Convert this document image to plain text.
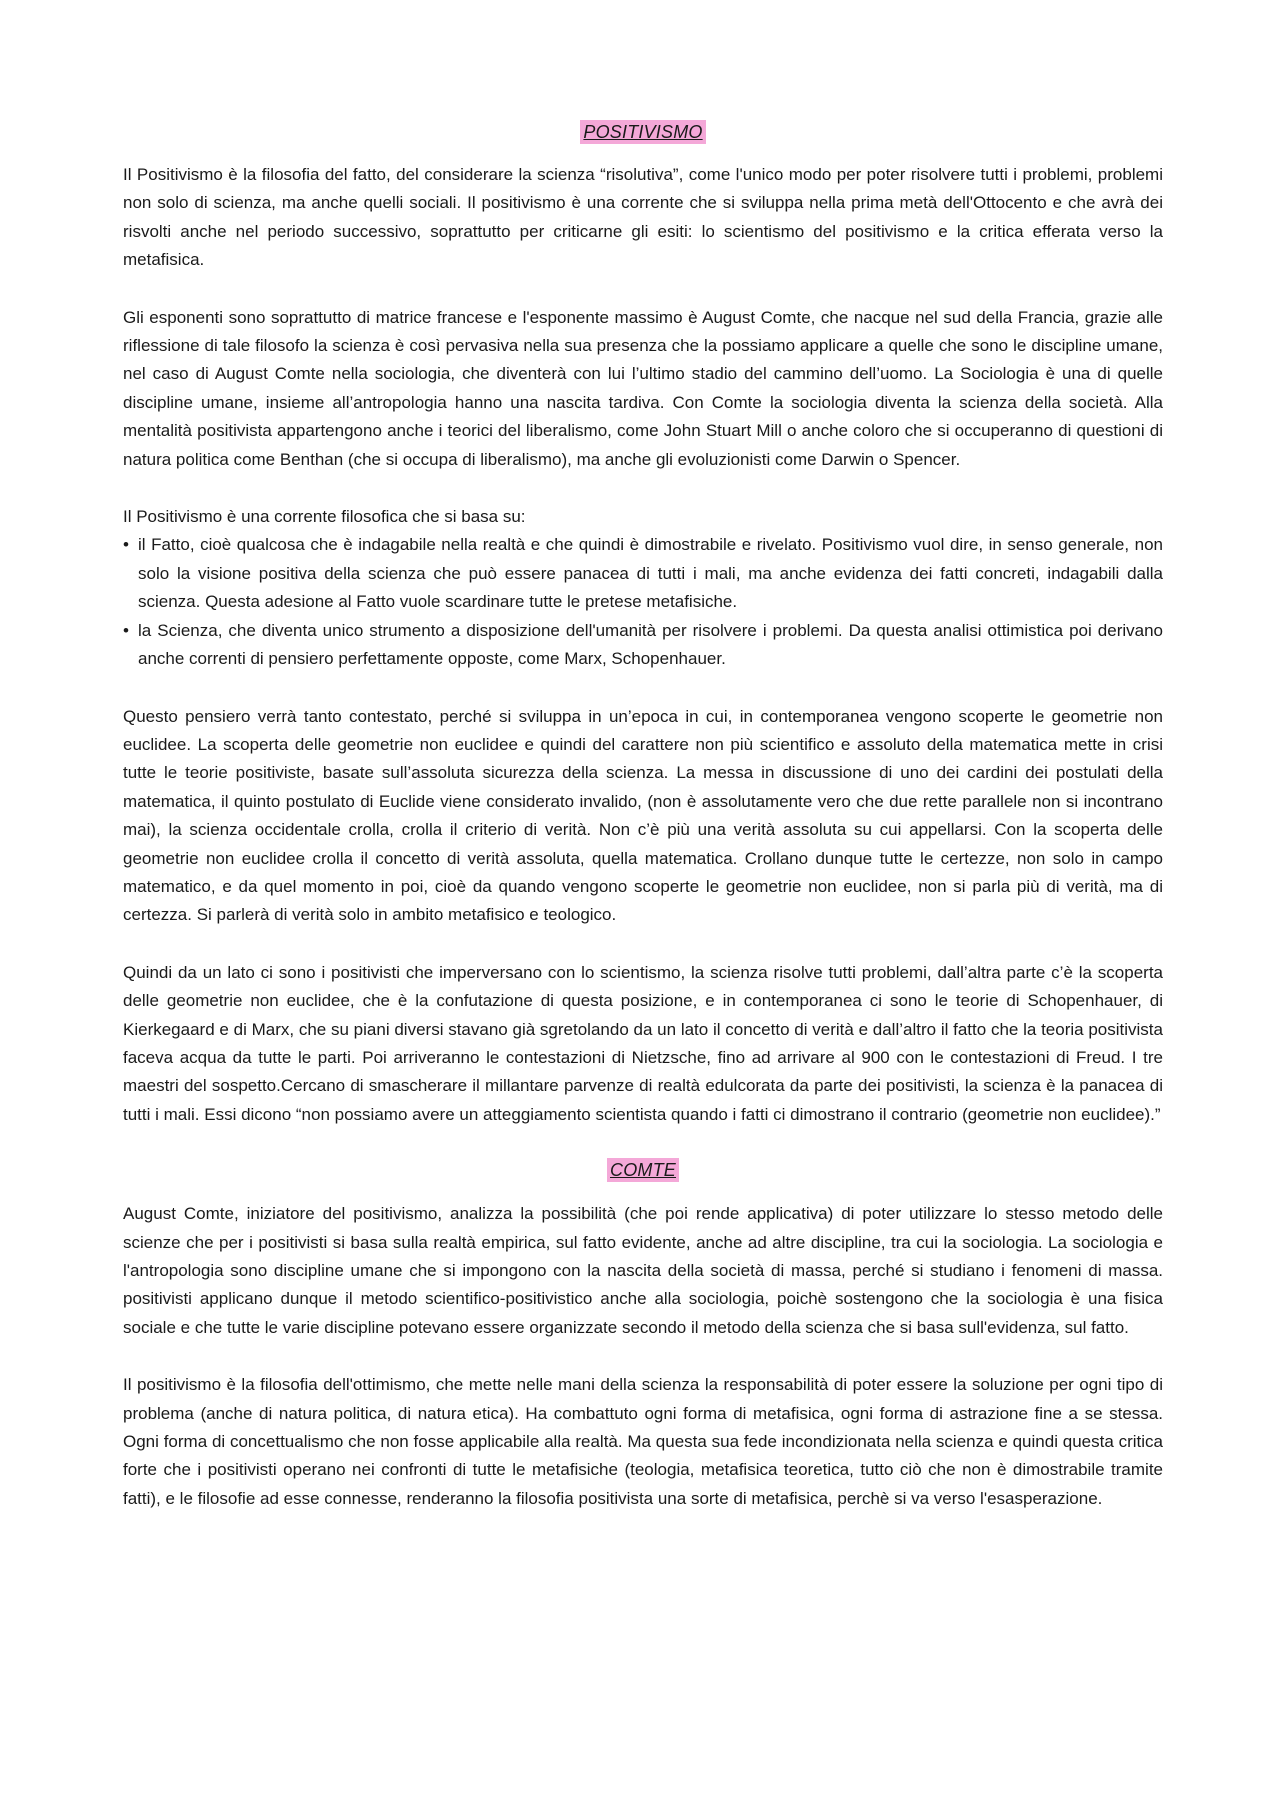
POSITIVISMO

Il Positivismo è la filosofia del fatto, del considerare la scienza “risolutiva”, come l'unico modo per poter risolvere tutti i problemi, problemi non solo di scienza, ma anche quelli sociali. Il positivismo è una corrente che si sviluppa nella prima metà dell'Ottocento e che avrà dei risvolti anche nel periodo successivo, soprattutto per criticarne gli esiti: lo scientismo del positivismo e la critica efferata verso la metafisica.

Gli esponenti sono soprattutto di matrice francese e l'esponente massimo è August Comte, che nacque nel sud della Francia, grazie alle riflessione di tale filosofo la scienza è così pervasiva nella sua presenza che la possiamo applicare a quelle che sono le discipline umane, nel caso di August Comte nella sociologia, che diventerà con lui l’ultimo stadio del cammino dell’uomo. La Sociologia è una di quelle discipline umane, insieme all’antropologia hanno una nascita tardiva. Con Comte la sociologia diventa la scienza della società. Alla mentalità positivista appartengono anche i teorici del liberalismo, come John Stuart Mill o anche coloro che si occuperanno di questioni di natura politica come Benthan (che si occupa di liberalismo), ma anche gli evoluzionisti come Darwin o Spencer.

Il Positivismo è una corrente filosofica che si basa su:

• il Fatto, cioè qualcosa che è indagabile nella realtà e che quindi è dimostrabile e rivelato. Positivismo vuol dire, in senso generale, non solo la visione positiva della scienza che può essere panacea di tutti i mali, ma anche evidenza dei fatti concreti, indagabili dalla scienza. Questa adesione al Fatto vuole scardinare tutte le pretese metafisiche.
• la Scienza, che diventa unico strumento a disposizione dell'umanità per risolvere i problemi. Da questa analisi ottimistica poi derivano anche correnti di pensiero perfettamente opposte, come Marx, Schopenhauer.

Questo pensiero verrà tanto contestato, perché si sviluppa in un’epoca in cui, in contemporanea vengono scoperte le geometrie non euclidee. La scoperta delle geometrie non euclidee e quindi del carattere non più scientifico e assoluto della matematica mette in crisi tutte le teorie positiviste, basate sull’assoluta sicurezza della scienza. La messa in discussione di uno dei cardini dei postulati della matematica, il quinto postulato di Euclide viene considerato invalido, (non è assolutamente vero che due rette parallele non si incontrano mai), la scienza occidentale crolla, crolla il criterio di verità. Non c’è più una verità assoluta su cui appellarsi. Con la scoperta delle geometrie non euclidee crolla il concetto di verità assoluta, quella matematica. Crollano dunque tutte le certezze, non solo in campo matematico, e da quel momento in poi, cioè da quando vengono scoperte le geometrie non euclidee, non si parla più di verità, ma di certezza. Si parlerà di verità solo in ambito metafisico e teologico.

Quindi da un lato ci sono i positivisti che imperversano con lo scientismo, la scienza risolve tutti problemi, dall’altra parte c’è la scoperta delle geometrie non euclidee, che è la confutazione di questa posizione, e in contemporanea ci sono le teorie di Schopenhauer, di Kierkegaard e di Marx, che su piani diversi stavano già sgretolando da un lato il concetto di verità e dall’altro il fatto che la teoria positivista faceva acqua da tutte le parti. Poi arriveranno le contestazioni di Nietzsche, fino ad arrivare al 900 con le contestazioni di Freud. I tre maestri del sospetto.Cercano di smascherare il millantare parvenze di realtà edulcorata da parte dei positivisti, la scienza è la panacea di tutti i mali. Essi dicono “non possiamo avere un atteggiamento scientista quando i fatti ci dimostrano il contrario (geometrie non euclidee).”

COMTE

August Comte, iniziatore del positivismo, analizza la possibilità (che poi rende applicativa) di poter utilizzare lo stesso metodo delle scienze che per i positivisti si basa sulla realtà empirica, sul fatto evidente, anche ad altre discipline, tra cui la sociologia. La sociologia e l'antropologia sono discipline umane che si impongono con la nascita della società di massa, perché si studiano i fenomeni di massa. positivisti applicano dunque il metodo scientifico-positivistico anche alla sociologia, poichè sostengono che la sociologia è una fisica sociale e che tutte le varie discipline potevano essere organizzate secondo il metodo della scienza che si basa sull'evidenza, sul fatto.

Il positivismo è la filosofia dell'ottimismo, che mette nelle mani della scienza la responsabilità di poter essere la soluzione per ogni tipo di problema (anche di natura politica, di natura etica). Ha combattuto ogni forma di metafisica, ogni forma di astrazione fine a se stessa. Ogni forma di concettualismo che non fosse applicabile alla realtà. Ma questa sua fede incondizionata nella scienza e quindi questa critica forte che i positivisti operano nei confronti di tutte le metafisiche (teologia, metafisica teoretica, tutto ciò che non è dimostrabile tramite fatti), e le filosofie ad esse connesse, renderanno la filosofia positivista una sorte di metafisica, perchè si va verso l'esasperazione.
